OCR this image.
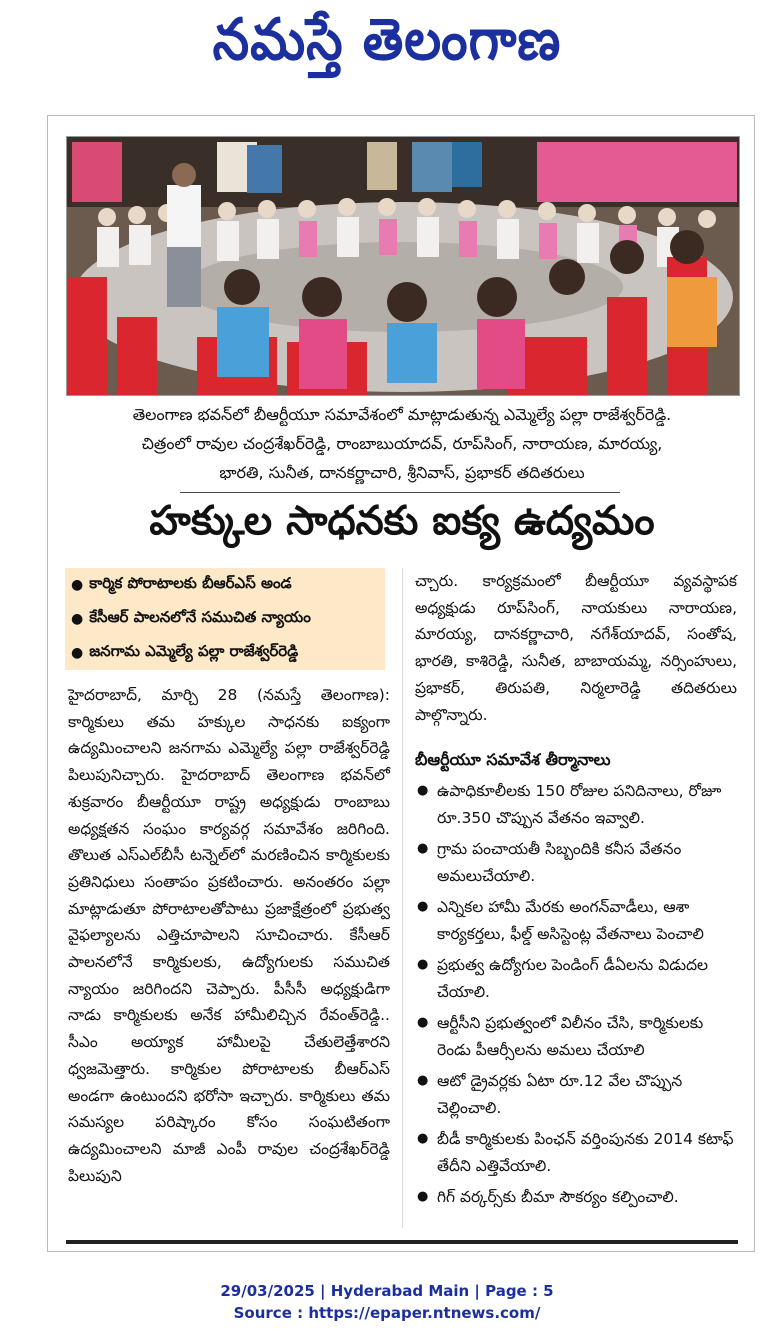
నమస్తే తెలంగాణ
తెలంగాణ భవన్‌లో బీఆర్టీయూ సమావేశంలో మాట్లాడుతున్న ఎమ్మెల్యే పల్లా రాజేశ్వర్‌రెడ్డి.
చిత్రంలో రావుల చంద్రశేఖర్‌రెడ్డి, రాంబాబుయాదవ్, రూప్‌సింగ్, నారాయణ, మారయ్య,
భారతి, సునీత, దానకర్ణాచారి, శ్రీనివాస్, ప్రభాకర్ తదితరులు
హక్కుల సాధనకు ఐక్య ఉద్యమం
● కార్మిక పోరాటాలకు బీఆర్‌ఎస్ అండ
● కేసీఆర్ పాలనలోనే సముచిత న్యాయం
● జనగామ ఎమ్మెల్యే పల్లా రాజేశ్వర్‌రెడ్డి
హైదరాబాద్, మార్చి 28 (నమస్తే తెలంగాణ): కార్మికులు తమ హక్కుల సాధనకు ఐక్యంగా ఉద్యమించాలని జనగామ ఎమ్మెల్యే పల్లా రాజేశ్వర్‌రెడ్డి పిలుపునిచ్చారు. హైదరాబాద్ తెలంగాణ భవన్‌లో శుక్రవారం బీఆర్టీయూ రాష్ట్ర అధ్యక్షుడు రాంబాబు అధ్యక్షతన సంఘం కార్యవర్గ సమావేశం జరిగింది. తొలుత ఎస్‌ఎల్‌బీసీ టన్నెల్‌లో మరణించిన కార్మికులకు ప్రతినిధులు సంతాపం ప్రకటించారు. అనంతరం పల్లా మాట్లాడుతూ పోరాటాలతోపాటు ప్రజాక్షేత్రంలో ప్రభుత్వ వైఫల్యాలను ఎత్తిచూపాలని సూచించారు. కేసీఆర్ పాలనలోనే కార్మికులకు, ఉద్యోగులకు సముచిత న్యాయం జరిగిందని చెప్పారు. పీసీసీ అధ్యక్షుడిగా నాడు కార్మికులకు అనేక హామీలిచ్చిన రేవంత్‌రెడ్డి.. సీఎం అయ్యాక హామీలపై చేతులెత్తేశారని ధ్వజమెత్తారు. కార్మికుల పోరాటాలకు బీఆర్‌ఎస్ అండగా ఉంటుందని భరోసా ఇచ్చారు. కార్మికులు తమ సమస్యల పరిష్కారం కోసం సంఘటితంగా ఉద్యమించాలని మాజీ ఎంపీ రావుల చంద్రశేఖర్‌రెడ్డి పిలుపుని
చ్చారు. కార్యక్రమంలో బీఆర్టీయూ వ్యవస్థాపక అధ్యక్షుడు రూప్‌సింగ్, నాయకులు నారాయణ, మారయ్య, దానకర్ణాచారి, నగేశ్‌యాదవ్, సంతోష, భారతి, కాశిరెడ్డి, సునీత, బాబాయమ్మ, నర్సింహులు, ప్రభాకర్, తిరుపతి, నిర్మలారెడ్డి తదితరులు పాల్గొన్నారు.
బీఆర్టీయూ సమావేశ తీర్మానాలు
● ఉపాధికూలీలకు 150 రోజుల పనిదినాలు, రోజూ రూ.350 చొప్పున వేతనం ఇవ్వాలి.
● గ్రామ పంచాయతీ సిబ్బందికి కనీస వేతనం అమలుచేయాలి.
● ఎన్నికల హామీ మేరకు అంగన్‌వాడీలు, ఆశా కార్యకర్తలు, ఫీల్డ్ అసిస్టెంట్ల వేతనాలు పెంచాలి
● ప్రభుత్వ ఉద్యోగుల పెండింగ్ డీఏలను విడుదల చేయాలి.
● ఆర్టీసీని ప్రభుత్వంలో విలీనం చేసి, కార్మికులకు రెండు పీఆర్సీలను అమలు చేయాలి
● ఆటో డ్రైవర్లకు ఏటా రూ.12 వేల చొప్పున చెల్లించాలి.
● బీడీ కార్మికులకు పింఛన్ వర్తింపునకు 2014 కటాఫ్ తేదీని ఎత్తివేయాలి.
● గిగ్ వర్కర్స్‌కు బీమా సౌకర్యం కల్పించాలి.
29/03/2025 | Hyderabad Main | Page : 5
Source : https://epaper.ntnews.com/
